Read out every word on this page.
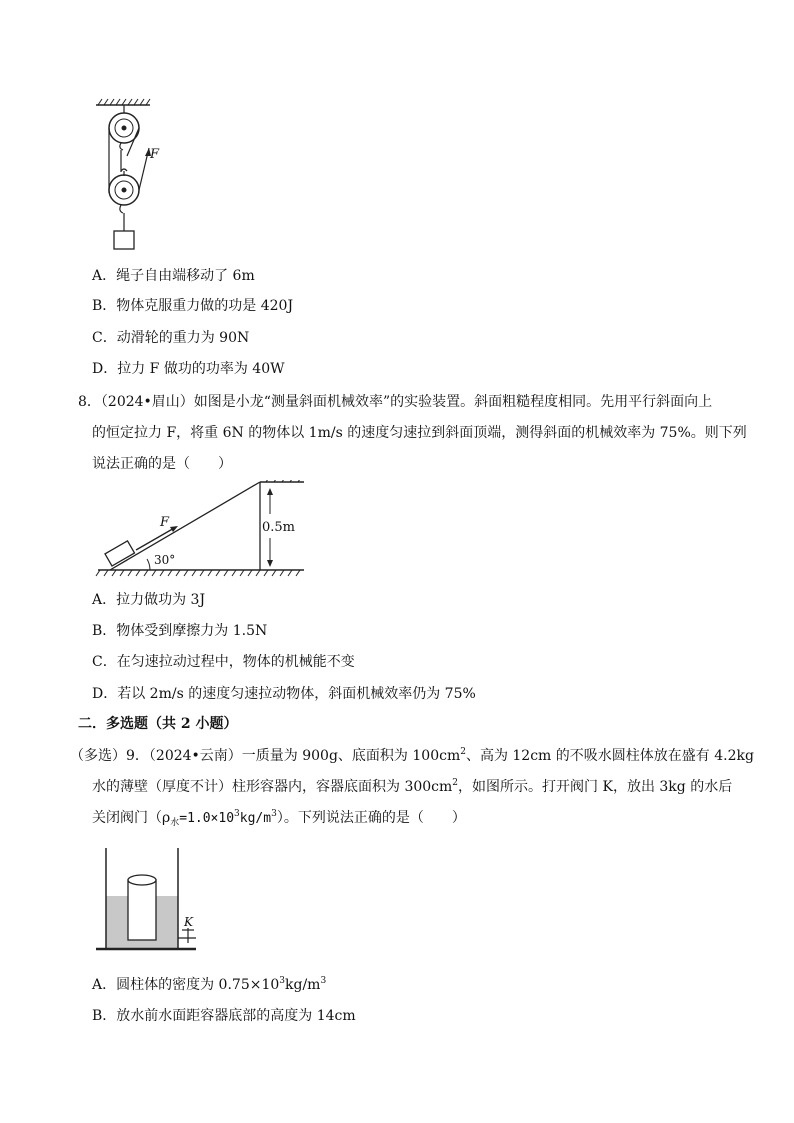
F
A．绳子自由端移动了 6m
B．物体克服重力做的功是 420J
C．动滑轮的重力为 90N
D．拉力 F 做功的功率为 40W
8．（2024•眉山）如图是小龙“测量斜面机械效率”的实验装置。斜面粗糙程度相同。先用平行斜面向上
的恒定拉力 F，将重 6N 的物体以 1m/s 的速度匀速拉到斜面顶端，测得斜面的机械效率为 75%。则下列
说法正确的是（　　）
F
30°
0.5m
A．拉力做功为 3J
B．物体受到摩擦力为 1.5N
C．在匀速拉动过程中，物体的机械能不变
D．若以 2m/s 的速度匀速拉动物体，斜面机械效率仍为 75%
二．多选题（共 2 小题）
（多选）9．（2024•云南）一质量为 900g、底面积为 $100cm^2$、高为 12cm 的不吸水圆柱体放在盛有 4.2kg
水的薄壁（厚度不计）柱形容器内，容器底面积为 $300cm^2$，如图所示。打开阀门 K，放出 3kg 的水后
关闭阀门$(\rho_水=1.0\times 10^3kg/m^3)$。下列说法正确的是（　　）
K
A．圆柱体的密度为 $0.75\times 10^3kg/m^3$
B．放水前水面距容器底部的高度为 14cm
